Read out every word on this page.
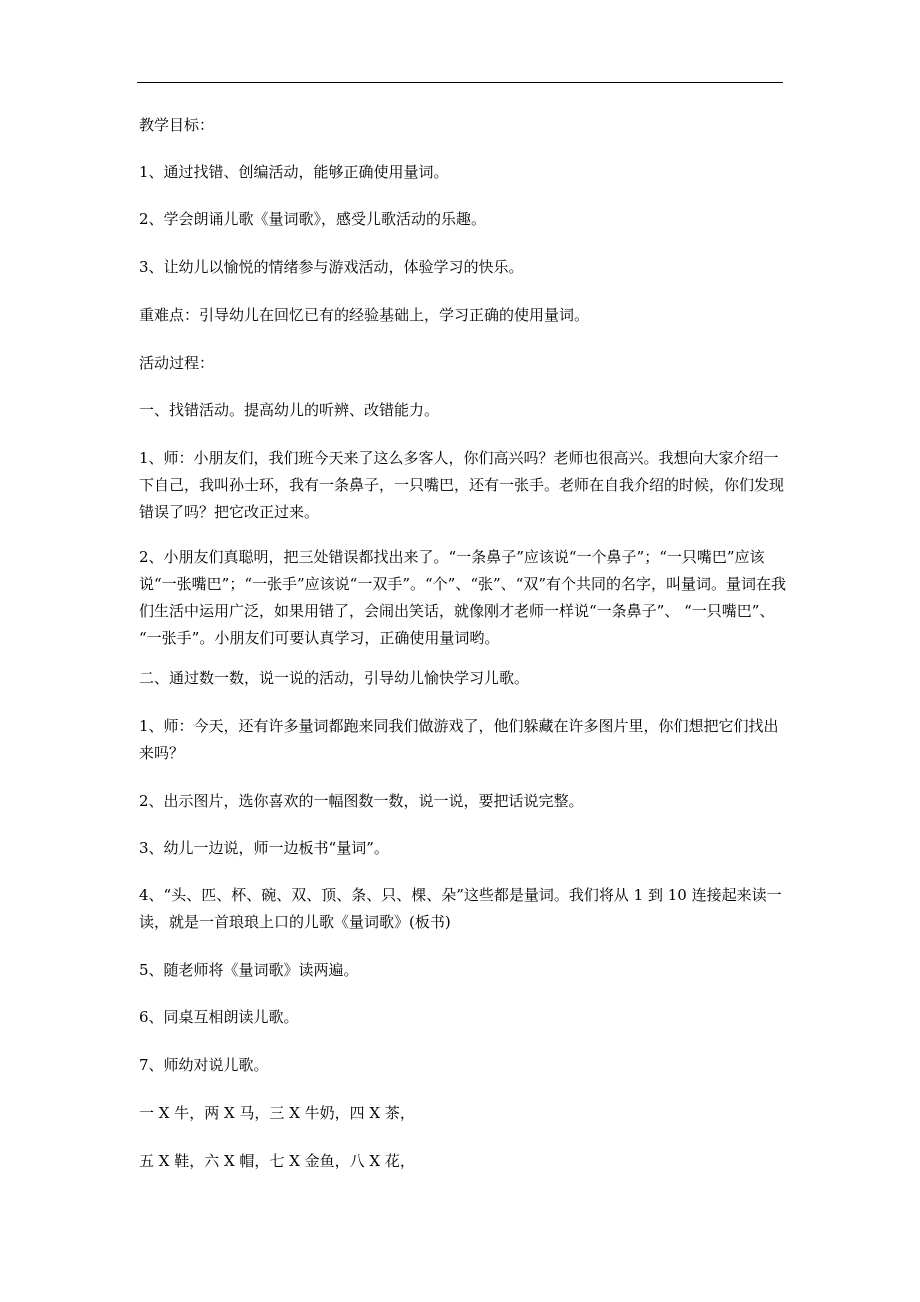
教学目标：

1、通过找错、创编活动，能够正确使用量词。

2、学会朗诵儿歌《量词歌》，感受儿歌活动的乐趣。

3、让幼儿以愉悦的情绪参与游戏活动，体验学习的快乐。

重难点：引导幼儿在回忆已有的经验基础上，学习正确的使用量词。

活动过程：

一、找错活动。提高幼儿的听辨、改错能力。

1、师：小朋友们，我们班今天来了这么多客人，你们高兴吗？老师也很高兴。我想向大家介绍一下自己，我叫孙士环，我有一条鼻子，一只嘴巴，还有一张手。老师在自我介绍的时候，你们发现错误了吗？把它改正过来。

2、小朋友们真聪明，把三处错误都找出来了。“一条鼻子”应该说“一个鼻子”；“一只嘴巴”应该说“一张嘴巴”；“一张手”应该说“一双手”。“个”、“张”、“双”有个共同的名字，叫量词。量词在我们生活中运用广泛，如果用错了，会闹出笑话，就像刚才老师一样说“一条鼻子”、 “一只嘴巴”、 “一张手”。小朋友们可要认真学习，正确使用量词哟。

二、通过数一数，说一说的活动，引导幼儿愉快学习儿歌。

1、师：今天，还有许多量词都跑来同我们做游戏了，他们躲藏在许多图片里，你们想把它们找出来吗？

2、出示图片，选你喜欢的一幅图数一数，说一说，要把话说完整。

3、幼儿一边说，师一边板书“量词”。

4、“头、匹、杯、碗、双、顶、条、只、棵、朵”这些都是量词。我们将从 1 到 10 连接起来读一读，就是一首琅琅上口的儿歌《量词歌》(板书)

5、随老师将《量词歌》读两遍。

6、同桌互相朗读儿歌。

7、师幼对说儿歌。

一 X 牛，两 X 马，三 X 牛奶，四 X 茶，

五 X 鞋，六 X 帽，七 X 金鱼，八 X 花，
